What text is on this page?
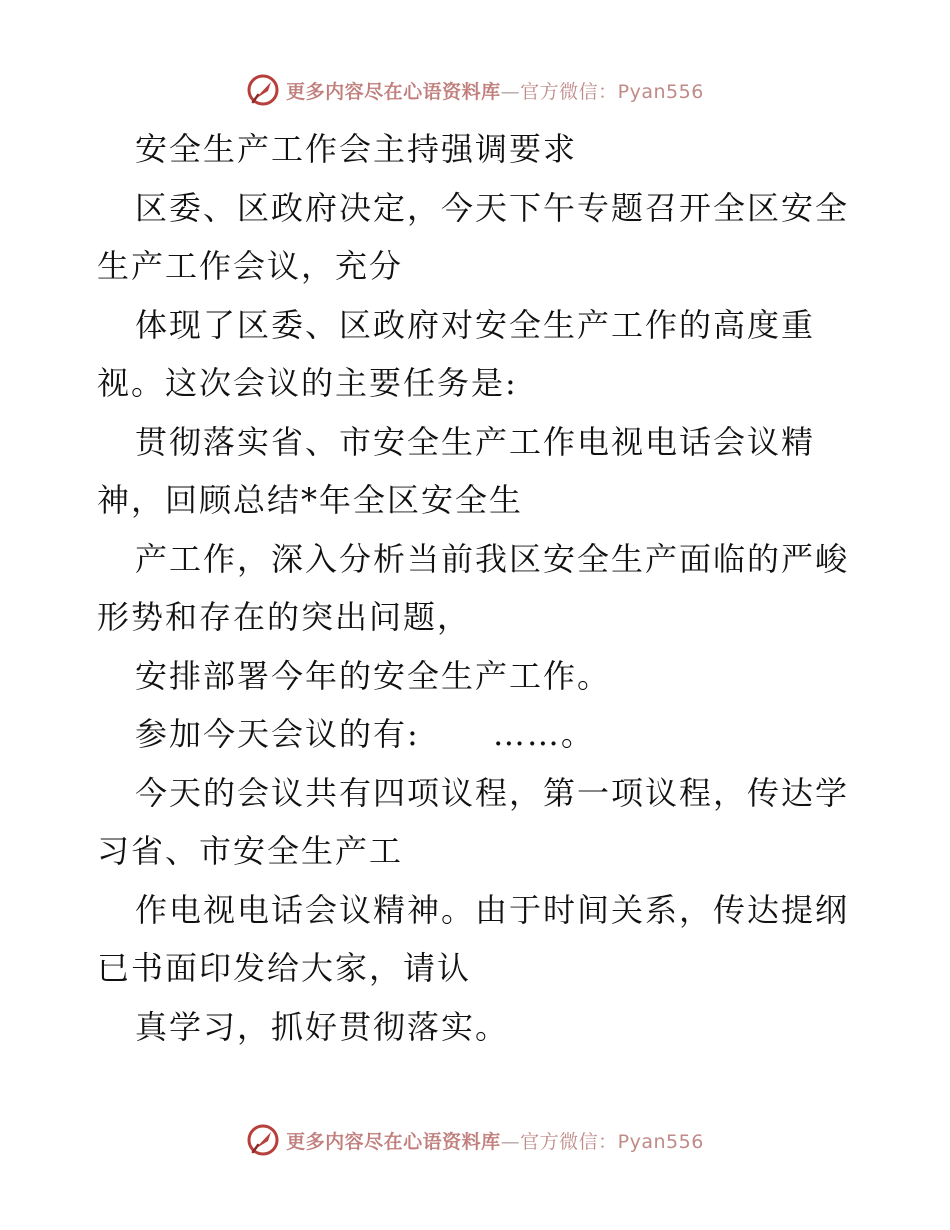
更多内容尽在心语资料库—官方微信：Pyan556
安全生产工作会主持强调要求
区委、区政府决定，今天下午专题召开全区安全
生产工作会议，充分
体现了区委、区政府对安全生产工作的高度重
视。这次会议的主要任务是:
贯彻落实省、市安全生产工作电视电话会议精
神，回顾总结*年全区安全生
产工作，深入分析当前我区安全生产面临的严峻
形势和存在的突出问题，
安排部署今年的安全生产工作。
参加今天会议的有:      ……。
今天的会议共有四项议程，第一项议程，传达学
习省、市安全生产工
作电视电话会议精神。由于时间关系，传达提纲
已书面印发给大家，请认
真学习，抓好贯彻落实。
更多内容尽在心语资料库—官方微信：Pyan556
